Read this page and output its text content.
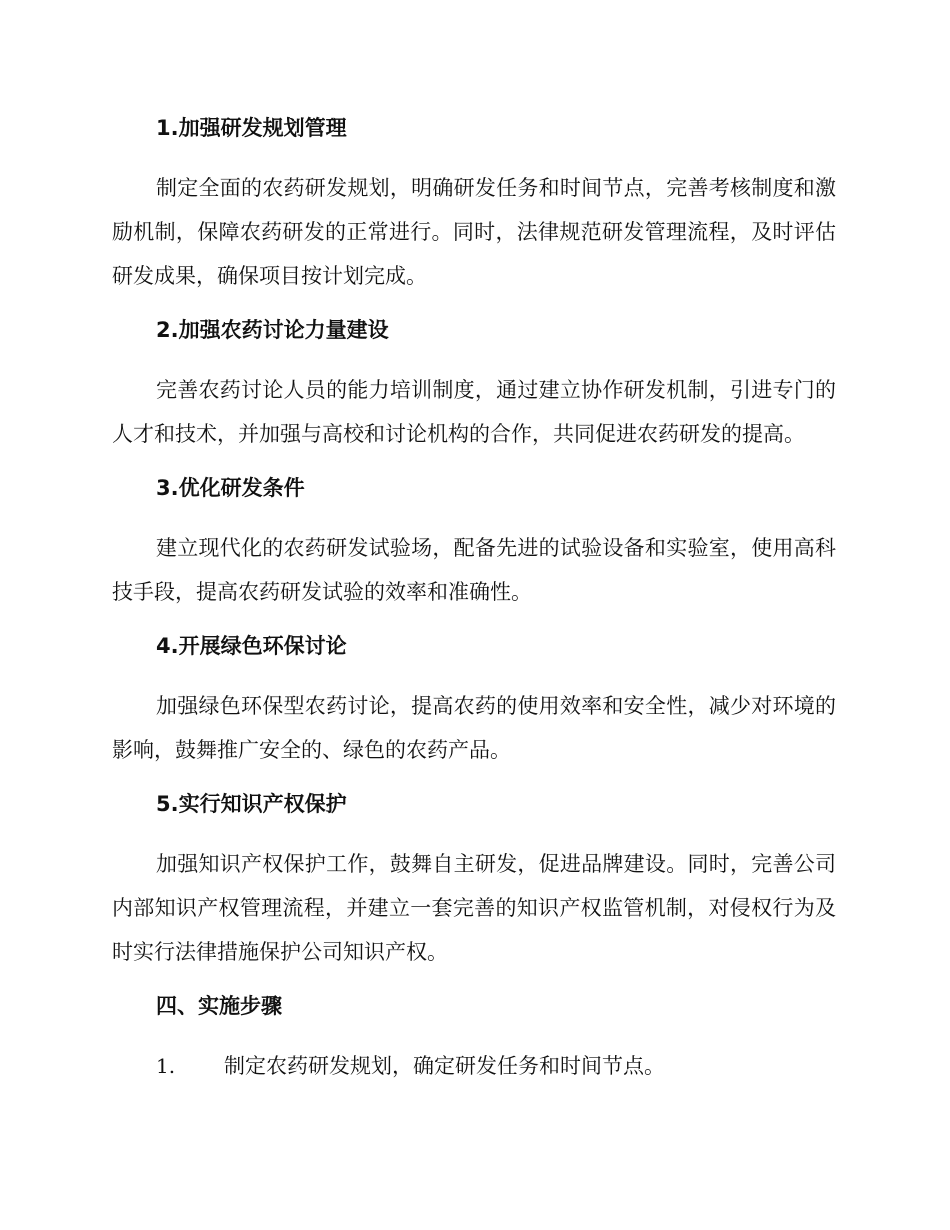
1.加强研发规划管理

制定全面的农药研发规划，明确研发任务和时间节点，完善考核制度和激励机制，保障农药研发的正常进行。同时，法律规范研发管理流程，及时评估研发成果，确保项目按计划完成。

2.加强农药讨论力量建设

完善农药讨论人员的能力培训制度，通过建立协作研发机制，引进专门的人才和技术，并加强与高校和讨论机构的合作，共同促进农药研发的提高。

3.优化研发条件

建立现代化的农药研发试验场，配备先进的试验设备和实验室，使用高科技手段，提高农药研发试验的效率和准确性。

4.开展绿色环保讨论

加强绿色环保型农药讨论，提高农药的使用效率和安全性，减少对环境的影响，鼓舞推广安全的、绿色的农药产品。

5.实行知识产权保护

加强知识产权保护工作，鼓舞自主研发，促进品牌建设。同时，完善公司内部知识产权管理流程，并建立一套完善的知识产权监管机制，对侵权行为及时实行法律措施保护公司知识产权。

四、实施步骤

1. 制定农药研发规划，确定研发任务和时间节点。
